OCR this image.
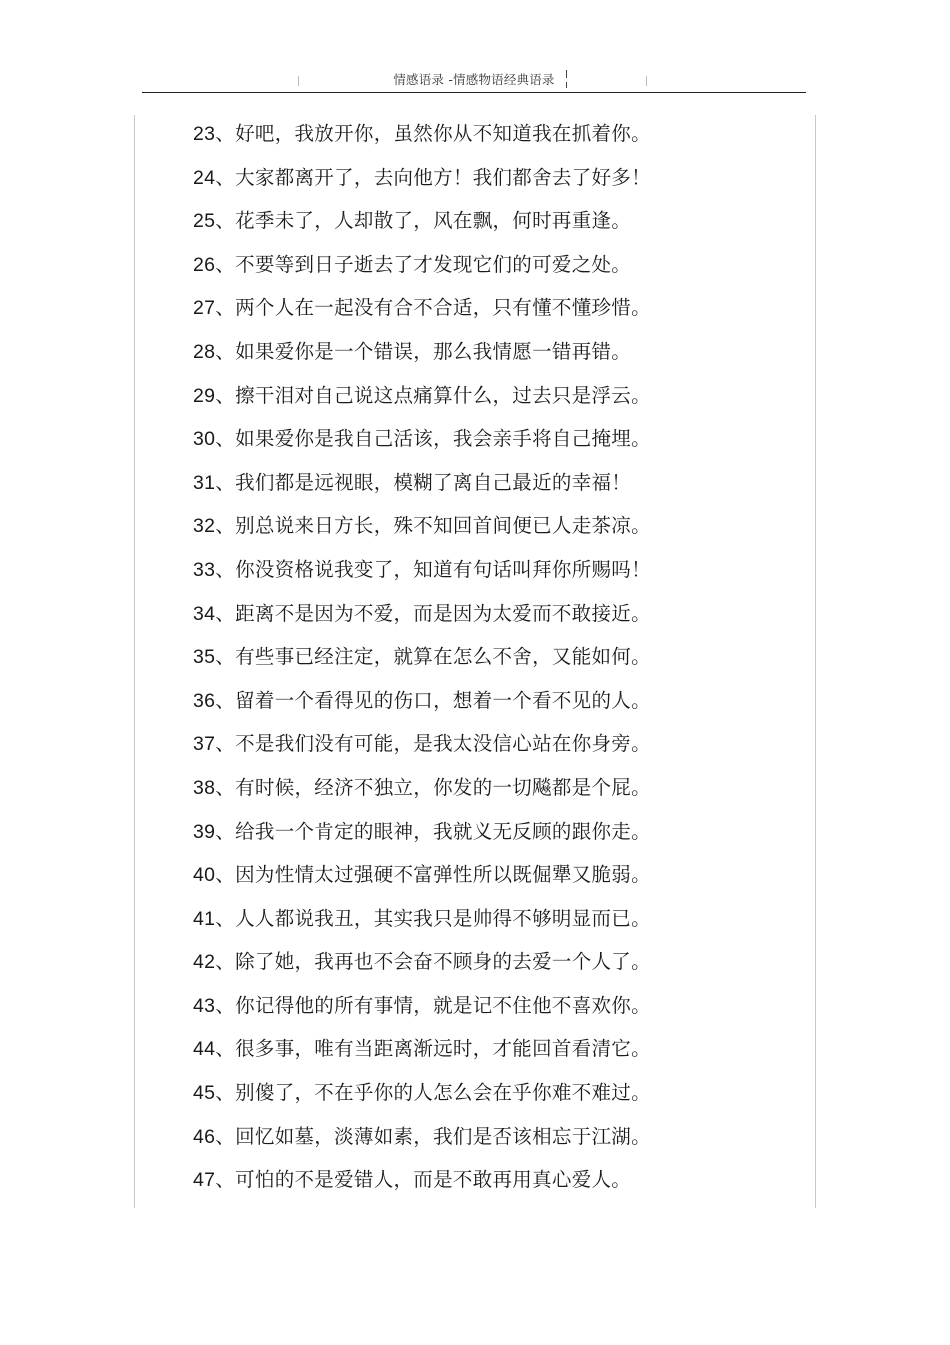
情感语录 -情感物语经典语录
23、好吧，我放开你，虽然你从不知道我在抓着你。
24、大家都离开了，去向他方！我们都舍去了好多！
25、花季未了，人却散了，风在飘，何时再重逢。
26、不要等到日子逝去了才发现它们的可爱之处。
27、两个人在一起没有合不合适，只有懂不懂珍惜。
28、如果爱你是一个错误，那么我情愿一错再错。
29、擦干泪对自己说这点痛算什么，过去只是浮云。
30、如果爱你是我自己活该，我会亲手将自己掩埋。
31、我们都是远视眼，模糊了离自己最近的幸福！
32、别总说来日方长，殊不知回首间便已人走茶凉。
33、你没资格说我变了，知道有句话叫拜你所赐吗！
34、距离不是因为不爱，而是因为太爱而不敢接近。
35、有些事已经注定，就算在怎么不舍，又能如何。
36、留着一个看得见的伤口，想着一个看不见的人。
37、不是我们没有可能，是我太没信心站在你身旁。
38、有时候，经济不独立，你发的一切飚都是个屁。
39、给我一个肯定的眼神，我就义无反顾的跟你走。
40、因为性情太过强硬不富弹性所以既倔犟又脆弱。
41、人人都说我丑，其实我只是帅得不够明显而已。
42、除了她，我再也不会奋不顾身的去爱一个人了。
43、你记得他的所有事情，就是记不住他不喜欢你。
44、很多事，唯有当距离渐远时，才能回首看清它。
45、别傻了，不在乎你的人怎么会在乎你难不难过。
46、回忆如墓，淡薄如素，我们是否该相忘于江湖。
47、可怕的不是爱错人，而是不敢再用真心爱人。
